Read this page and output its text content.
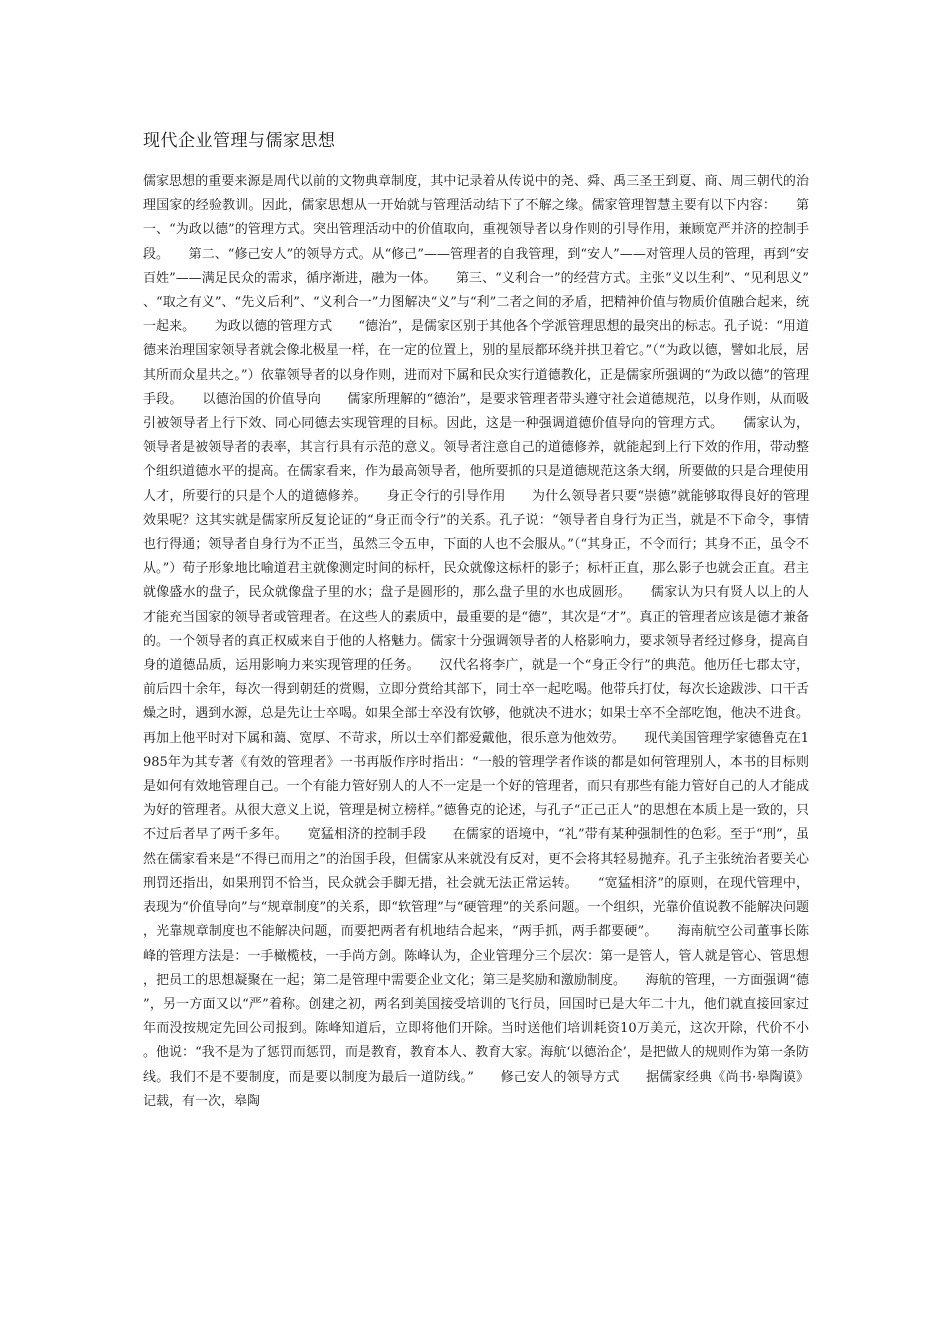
现代企业管理与儒家思想

儒家思想的重要来源是周代以前的文物典章制度，其中记录着从传说中的尧、舜、禹三圣王到夏、商、周三朝代的治理国家的经验教训。因此，儒家思想从一开始就与管理活动结下了不解之缘。儒家管理智慧主要有以下内容：　　第一、“为政以德”的管理方式。突出管理活动中的价值取向，重视领导者以身作则的引导作用，兼顾宽严并济的控制手段。　　第二、“修己安人”的领导方式。从“修己”——管理者的自我管理，到“安人”——对管理人员的管理，再到“安百姓”——满足民众的需求，循序渐进，融为一体。　　第三、“义利合一”的经营方式。主张“义以生利”、“见利思义”、“取之有义”、“先义后利”、“义利合一”力图解决“义”与“利”二者之间的矛盾，把精神价值与物质价值融合起来，统一起来。　　为政以德的管理方式　　“德治”，是儒家区别于其他各个学派管理思想的最突出的标志。孔子说：“用道德来治理国家领导者就会像北极星一样，在一定的位置上，别的星辰都环绕并拱卫着它。”（“为政以德，譬如北辰，居其所而众星共之。”）依靠领导者的以身作则，进而对下属和民众实行道德教化，正是儒家所强调的“为政以德”的管理手段。　　以德治国的价值导向　　儒家所理解的“德治”，是要求管理者带头遵守社会道德规范，以身作则，从而吸引被领导者上行下效、同心同德去实现管理的目标。因此，这是一种强调道德价值导向的管理方式。　　儒家认为，领导者是被领导者的表率，其言行具有示范的意义。领导者注意自己的道德修养，就能起到上行下效的作用，带动整个组织道德水平的提高。在儒家看来，作为最高领导者，他所要抓的只是道德规范这条大纲，所要做的只是合理使用人才，所要行的只是个人的道德修养。　　身正令行的引导作用　　为什么领导者只要“崇德”就能够取得良好的管理效果呢？这其实就是儒家所反复论证的“身正而令行”的关系。孔子说：“领导者自身行为正当，就是不下命令，事情也行得通；领导者自身行为不正当，虽然三令五申，下面的人也不会服从。”（“其身正，不令而行；其身不正，虽令不从。”）荀子形象地比喻道君主就像测定时间的标杆，民众就像这标杆的影子；标杆正直，那么影子也就会正直。君主就像盛水的盘子，民众就像盘子里的水；盘子是圆形的，那么盘子里的水也成圆形。　　儒家认为只有贤人以上的人才能充当国家的领导者或管理者。在这些人的素质中，最重要的是“德”，其次是“才”。真正的管理者应该是德才兼备的。一个领导者的真正权威来自于他的人格魅力。儒家十分强调领导者的人格影响力，要求领导者经过修身，提高自身的道德品质，运用影响力来实现管理的任务。　　汉代名将李广，就是一个“身正令行”的典范。他历任七郡太守，前后四十余年，每次一得到朝廷的赏赐，立即分赏给其部下，同士卒一起吃喝。他带兵打仗，每次长途跋涉、口干舌燥之时，遇到水源，总是先让士卒喝。如果全部士卒没有饮够，他就决不进水；如果士卒不全部吃饱，他决不进食。再加上他平时对下属和蔼、宽厚、不苛求，所以士卒们都爱戴他，很乐意为他效劳。　　现代美国管理学家德鲁克在1985年为其专著《有效的管理者》一书再版作序时指出：“一般的管理学者作谈的都是如何管理别人，本书的目标则是如何有效地管理自己。一个有能力管好别人的人不一定是一个好的管理者，而只有那些有能力管好自己的人才能成为好的管理者。从很大意义上说，管理是树立榜样。”德鲁克的论述，与孔子“正己正人”的思想在本质上是一致的，只不过后者早了两千多年。　　宽猛相济的控制手段　　在儒家的语境中，“礼”带有某种强制性的色彩。至于“刑”，虽然在儒家看来是“不得已而用之”的治国手段，但儒家从来就没有反对，更不会将其轻易抛弃。孔子主张统治者要关心刑罚还指出，如果刑罚不恰当，民众就会手脚无措，社会就无法正常运转。　　“宽猛相济”的原则，在现代管理中，表现为“价值导向”与“规章制度”的关系，即“软管理”与“硬管理”的关系问题。一个组织，光靠价值说教不能解决问题，光靠规章制度也不能解决问题，而要把两者有机地结合起来，“两手抓，两手都要硬”。　　海南航空公司董事长陈峰的管理方法是：一手橄榄枝，一手尚方剑。陈峰认为，企业管理分三个层次：第一是管人，管人就是管心、管思想，把员工的思想凝聚在一起；第二是管理中需要企业文化；第三是奖励和激励制度。　　海航的管理，一方面强调“德”，另一方面又以“严”着称。创建之初，两名到美国接受培训的飞行员，回国时已是大年二十九，他们就直接回家过年而没按规定先回公司报到。陈峰知道后，立即将他们开除。当时送他们培训耗资10万美元，这次开除，代价不小。他说：“我不是为了惩罚而惩罚，而是教育，教育本人、教育大家。海航‘以德治企’，是把做人的规则作为第一条防线。我们不是不要制度，而是要以制度为最后一道防线。”　　修己安人的领导方式　　据儒家经典《尚书·皋陶谟》记载，有一次，皋陶
